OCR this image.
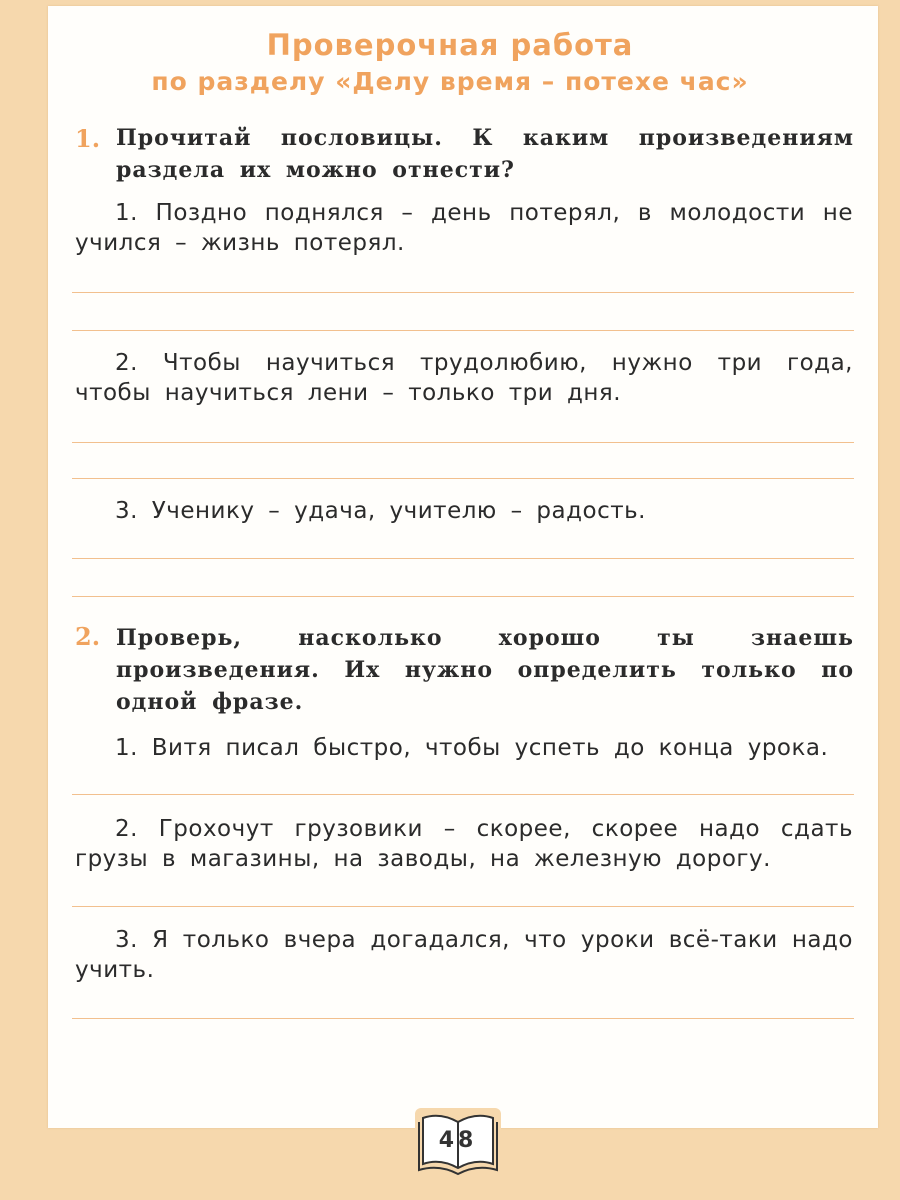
Проверочная работа
по разделу «Делу время – потехе час»
1. Прочитай пословицы. К каким произведениям раздела их можно отнести?
1. Поздно поднялся – день потерял, в молодости не учился – жизнь потерял.
2. Чтобы научиться трудолюбию, нужно три года, чтобы научиться лени – только три дня.
3. Ученику – удача, учителю – радость.
2. Проверь, насколько хорошо ты знаешь произведения. Их нужно определить только по одной фразе.
1. Витя писал быстро, чтобы успеть до конца урока.
2. Грохочут грузовики – скорее, скорее надо сдать грузы в магазины, на заводы, на железную дорогу.
3. Я только вчера догадался, что уроки всё-таки надо учить.
48
